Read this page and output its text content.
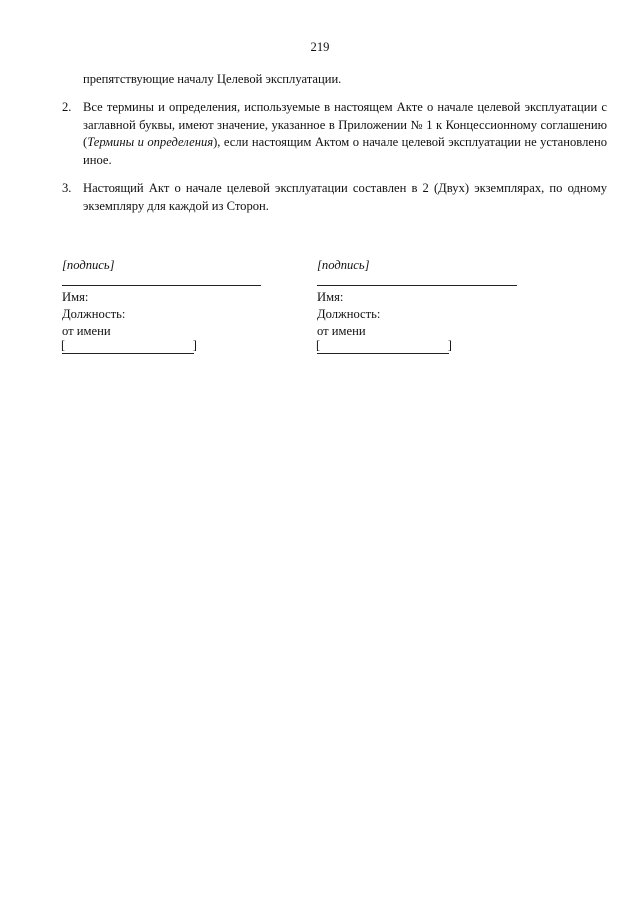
219
препятствующие началу Целевой эксплуатации.
2. Все термины и определения, используемые в настоящем Акте о начале целевой эксплуатации с заглавной буквы, имеют значение, указанное в Приложении № 1 к Концессионному соглашению (Термины и определения), если настоящим Актом о начале целевой эксплуатации не установлено иное.
3. Настоящий Акт о начале целевой эксплуатации составлен в 2 (Двух) экземплярах, по одному экземпляру для каждой из Сторон.
[подпись]
Имя:
Должность:
от имени
[	]
[подпись]
Имя:
Должность:
от имени
[	]
